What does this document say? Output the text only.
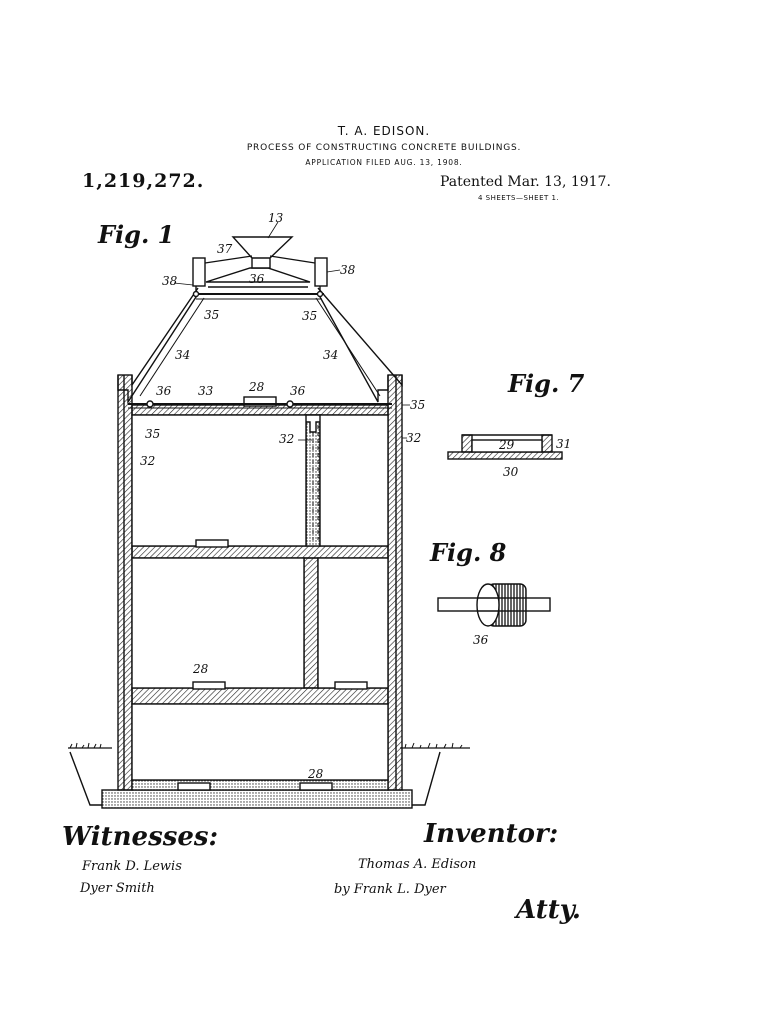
T. A. EDISON.
PROCESS OF CONSTRUCTING CONCRETE BUILDINGS.
APPLICATION FILED AUG. 13, 1908.
1,219,272.	Patented Mar. 13, 1917.
4 SHEETS—SHEET 1.
Fig. 1
13
37
36
38
38
35	35
34	34
36 33	28 36
35
35	32	32
32
28
28
Fig. 7
29	31
30
Fig. 8
36
Witnesses:
Frank D. Lewis
Dyer Smith
Inventor:
Thomas A. Edison
by Frank L. Dyer
Atty.
